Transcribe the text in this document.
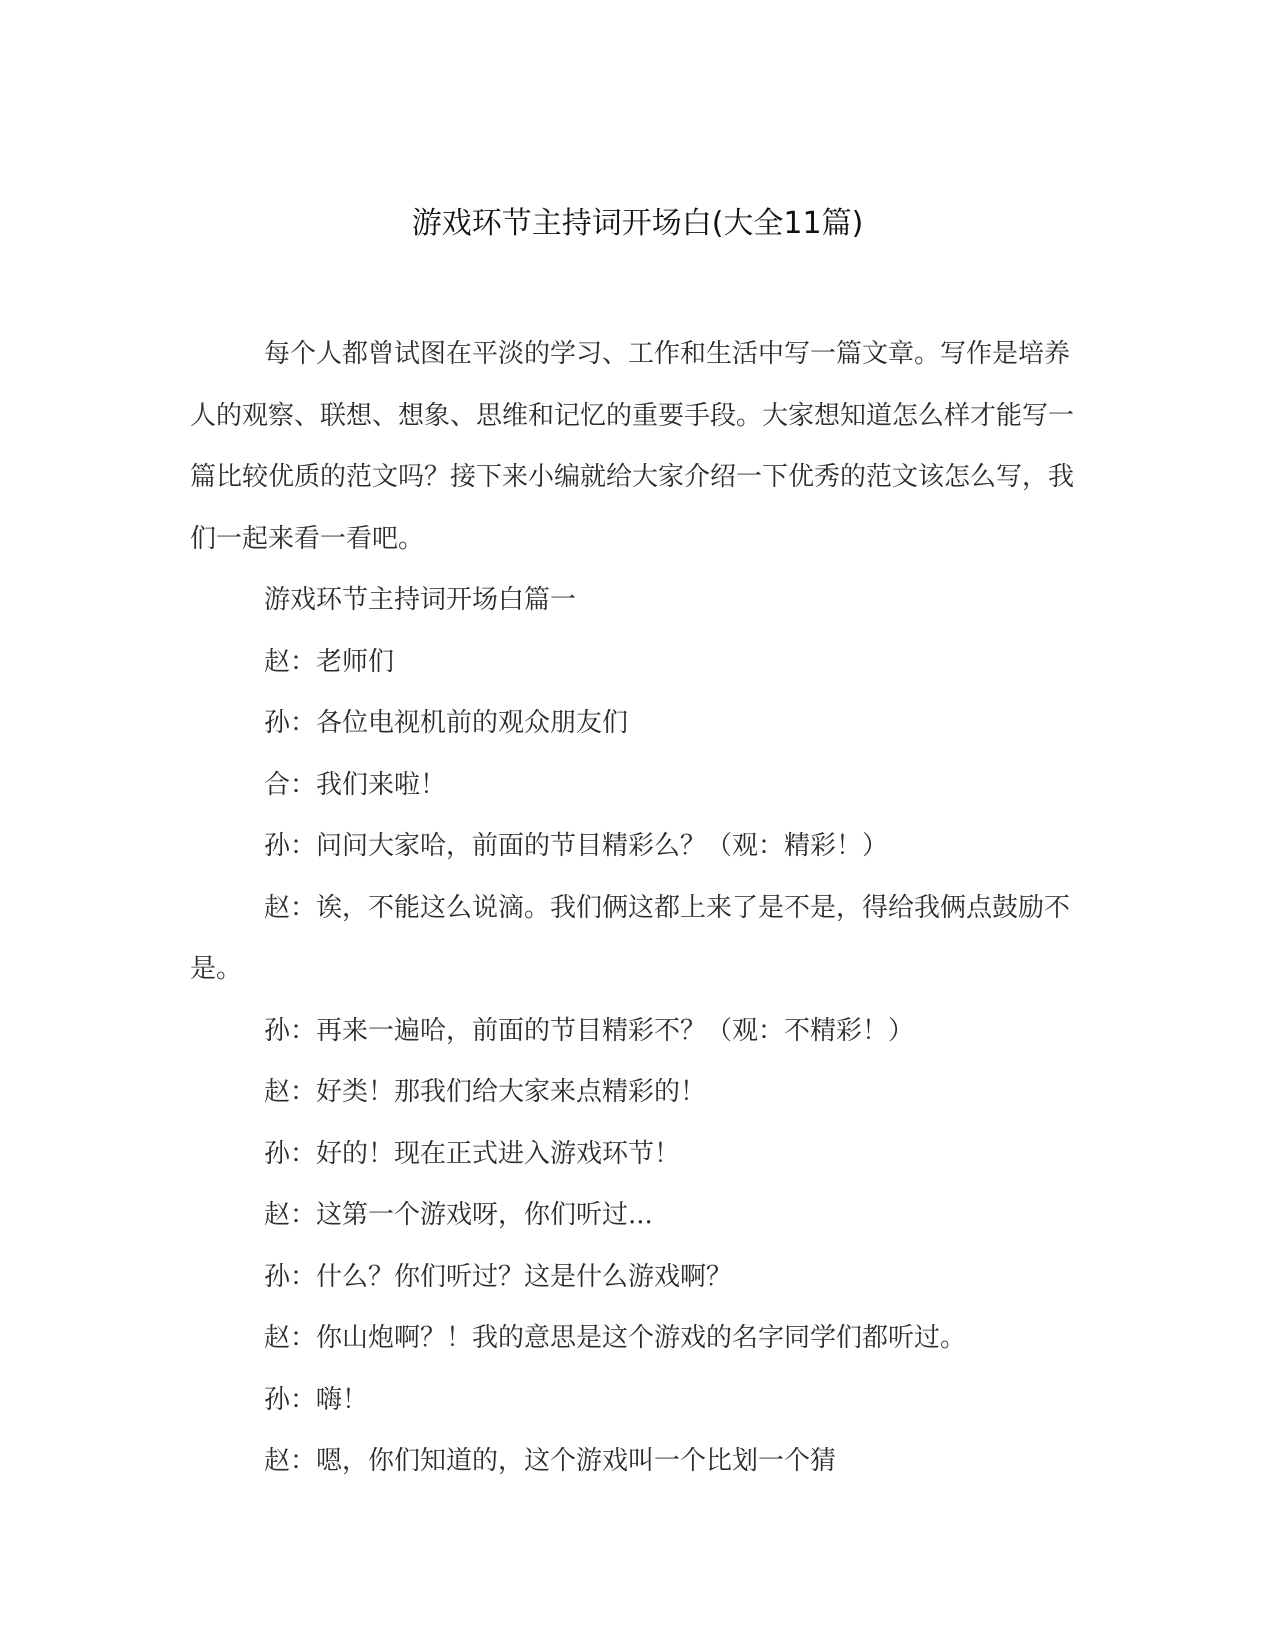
游戏环节主持词开场白(大全11篇)

每个人都曾试图在平淡的学习、工作和生活中写一篇文章。写作是培养人的观察、联想、想象、思维和记忆的重要手段。大家想知道怎么样才能写一篇比较优质的范文吗？接下来小编就给大家介绍一下优秀的范文该怎么写，我们一起来看一看吧。

游戏环节主持词开场白篇一

赵：老师们

孙：各位电视机前的观众朋友们

合：我们来啦！

孙：问问大家哈，前面的节目精彩么？（观：精彩！）

赵：诶，不能这么说滴。我们俩这都上来了是不是，得给我俩点鼓励不是。

孙：再来一遍哈，前面的节目精彩不？（观：不精彩！）

赵：好类！那我们给大家来点精彩的！

孙：好的！现在正式进入游戏环节！

赵：这第一个游戏呀，你们听过...

孙：什么？你们听过？这是什么游戏啊？

赵：你山炮啊？！我的意思是这个游戏的名字同学们都听过。

孙：嗨！

赵：嗯，你们知道的，这个游戏叫一个比划一个猜
